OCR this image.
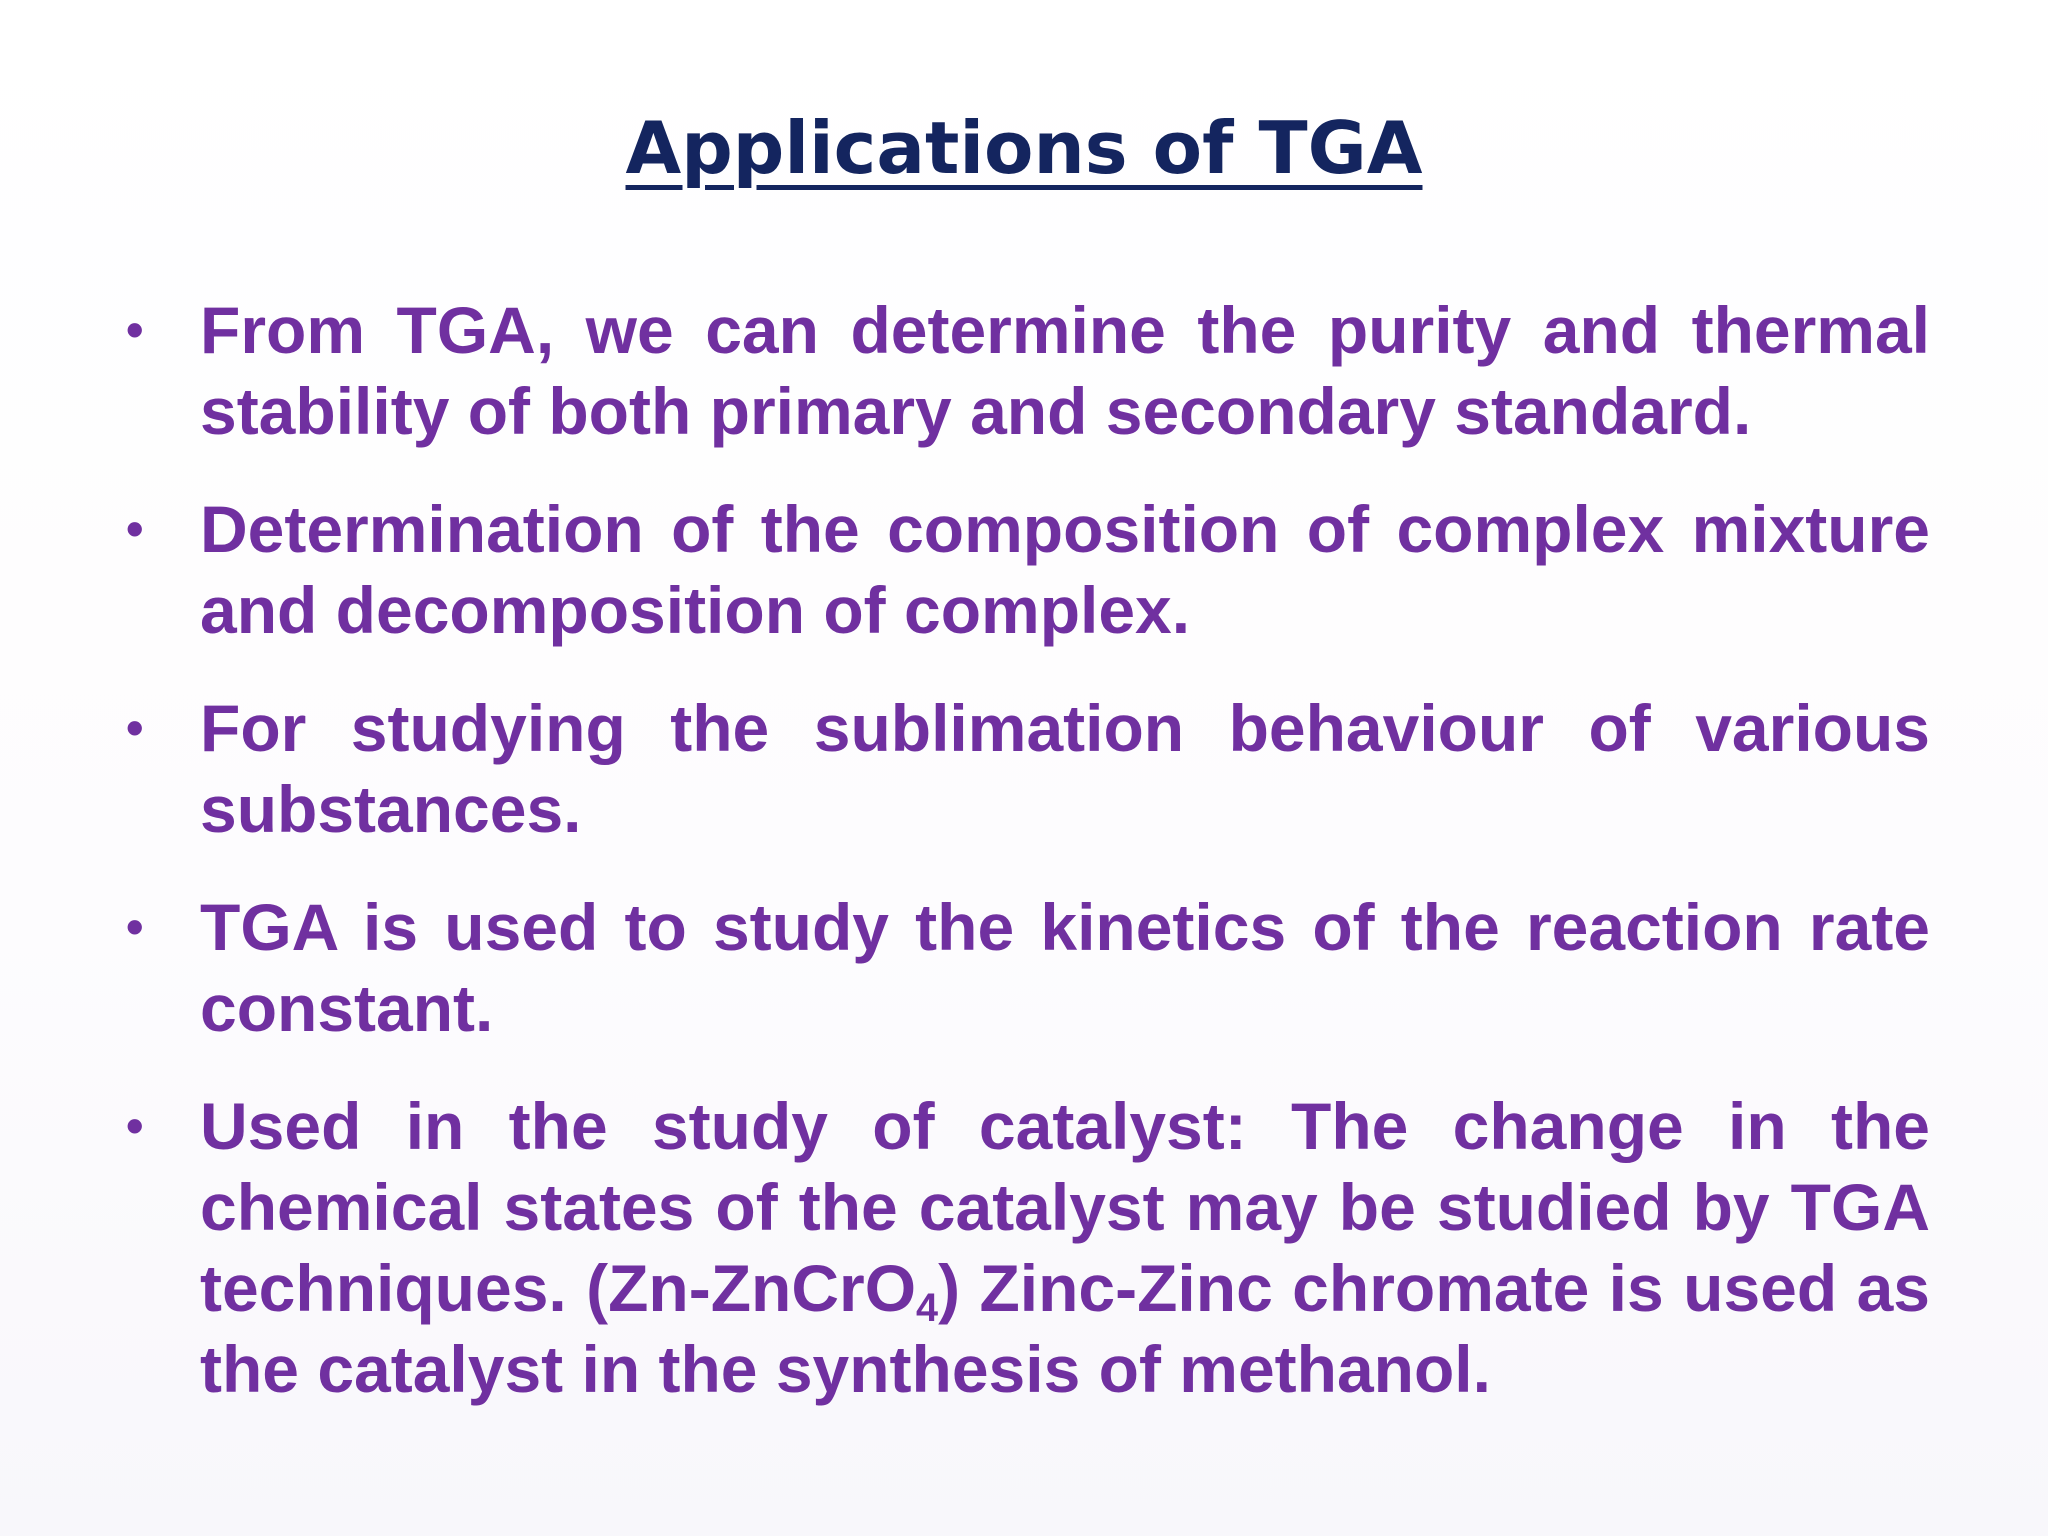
Applications of TGA
• From TGA, we can determine the purity and thermal stability of both primary and secondary standard.
• Determination of the composition of complex mixture and decomposition of complex.
• For studying the sublimation behaviour of various substances.
• TGA is used to study the kinetics of the reaction rate constant.
• Used in the study of catalyst: The change in the chemical states of the catalyst may be studied by TGA techniques. (Zn-ZnCrO$_4$) Zinc-Zinc chromate is used as the catalyst in the synthesis of methanol.
